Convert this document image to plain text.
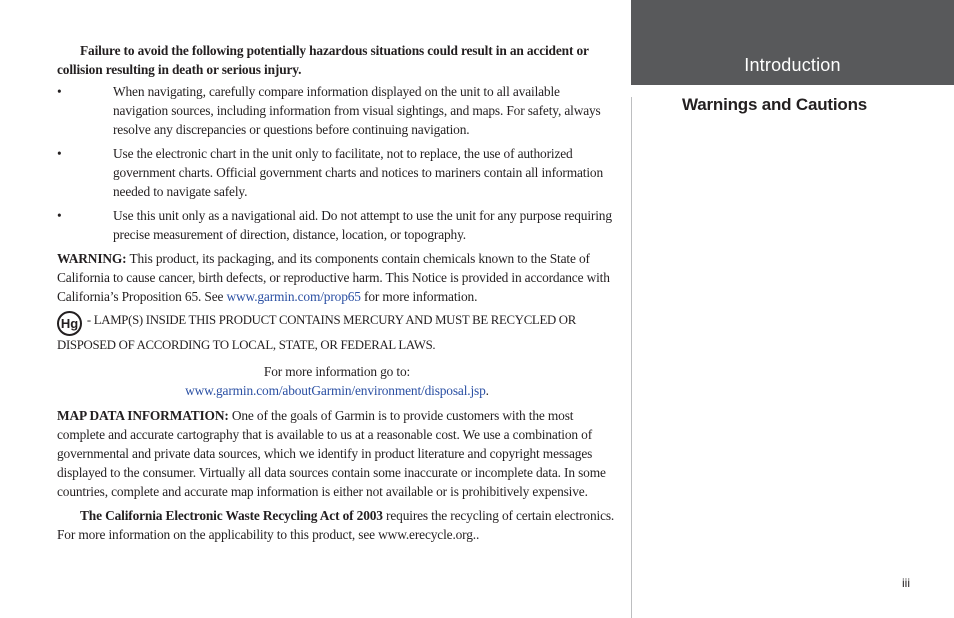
Introduction
Warnings and Cautions
iii

Failure to avoid the following potentially hazardous situations could result in an accident or collision resulting in death or serious injury.

•	When navigating, carefully compare information displayed on the unit to all available navigation sources, including information from visual sightings, and maps. For safety, always resolve any discrepancies or questions before continuing navigation.

•	Use the electronic chart in the unit only to facilitate, not to replace, the use of authorized government charts. Official government charts and notices to mariners contain all information needed to navigate safely.

•	Use this unit only as a navigational aid. Do not attempt to use the unit for any purpose requiring precise measurement of direction, distance, location, or topography.

WARNING: This product, its packaging, and its components contain chemicals known to the State of California to cause cancer, birth defects, or reproductive harm. This Notice is provided in accordance with California’s Proposition 65. See www.garmin.com/prop65 for more information.

Hg - LAMP(S) INSIDE THIS PRODUCT CONTAINS MERCURY AND MUST BE RECYCLED OR DISPOSED OF ACCORDING TO LOCAL, STATE, OR FEDERAL LAWS.

For more information go to:
www.garmin.com/aboutGarmin/environment/disposal.jsp.

MAP DATA INFORMATION: One of the goals of Garmin is to provide customers with the most complete and accurate cartography that is available to us at a reasonable cost. We use a combination of governmental and private data sources, which we identify in product literature and copyright messages displayed to the consumer. Virtually all data sources contain some inaccurate or incomplete data. In some countries, complete and accurate map information is either not available or is prohibitively expensive.

The California Electronic Waste Recycling Act of 2003 requires the recycling of certain electronics. For more information on the applicability to this product, see www.erecycle.org..
